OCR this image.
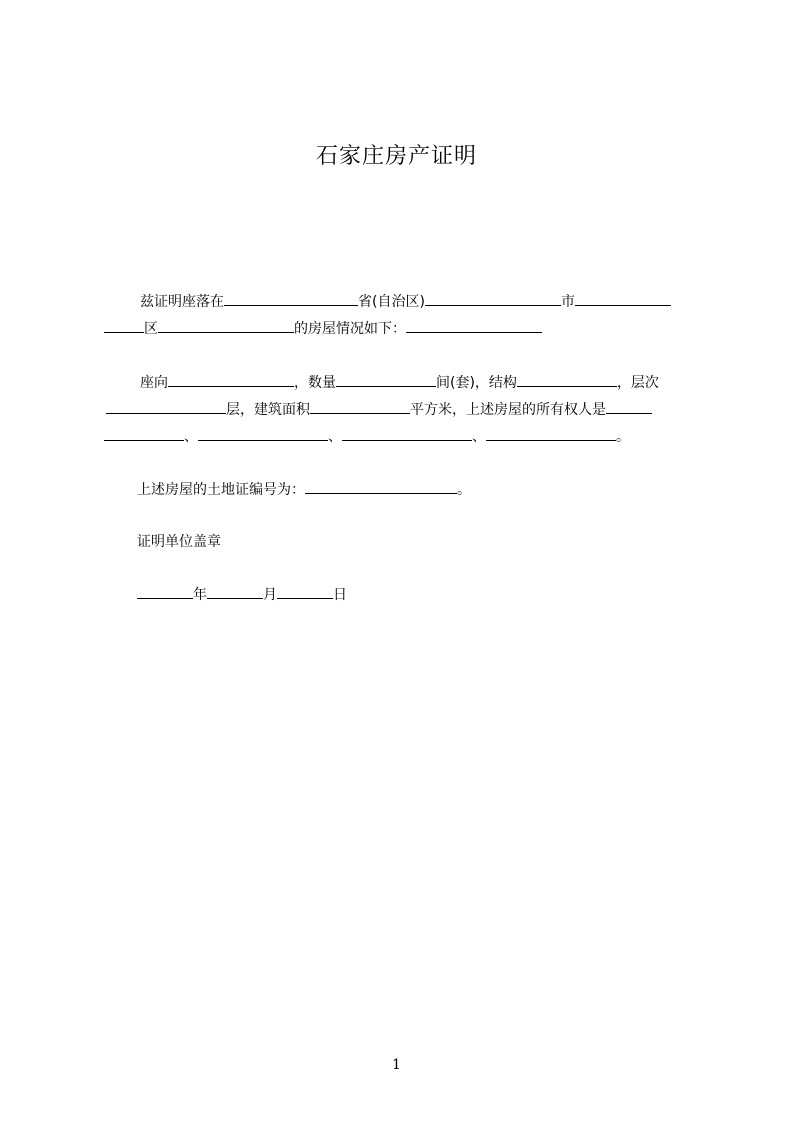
石家庄房产证明
兹证明座落在	省(自治区)	市
区	的房屋情况如下：
座向	，数量	间(套)，结构	，层次
层，建筑面积	平方米，上述房屋的所有权人是
、	、	、	。
上述房屋的土地证编号为：	。
证明单位盖章
年	月	日
1
